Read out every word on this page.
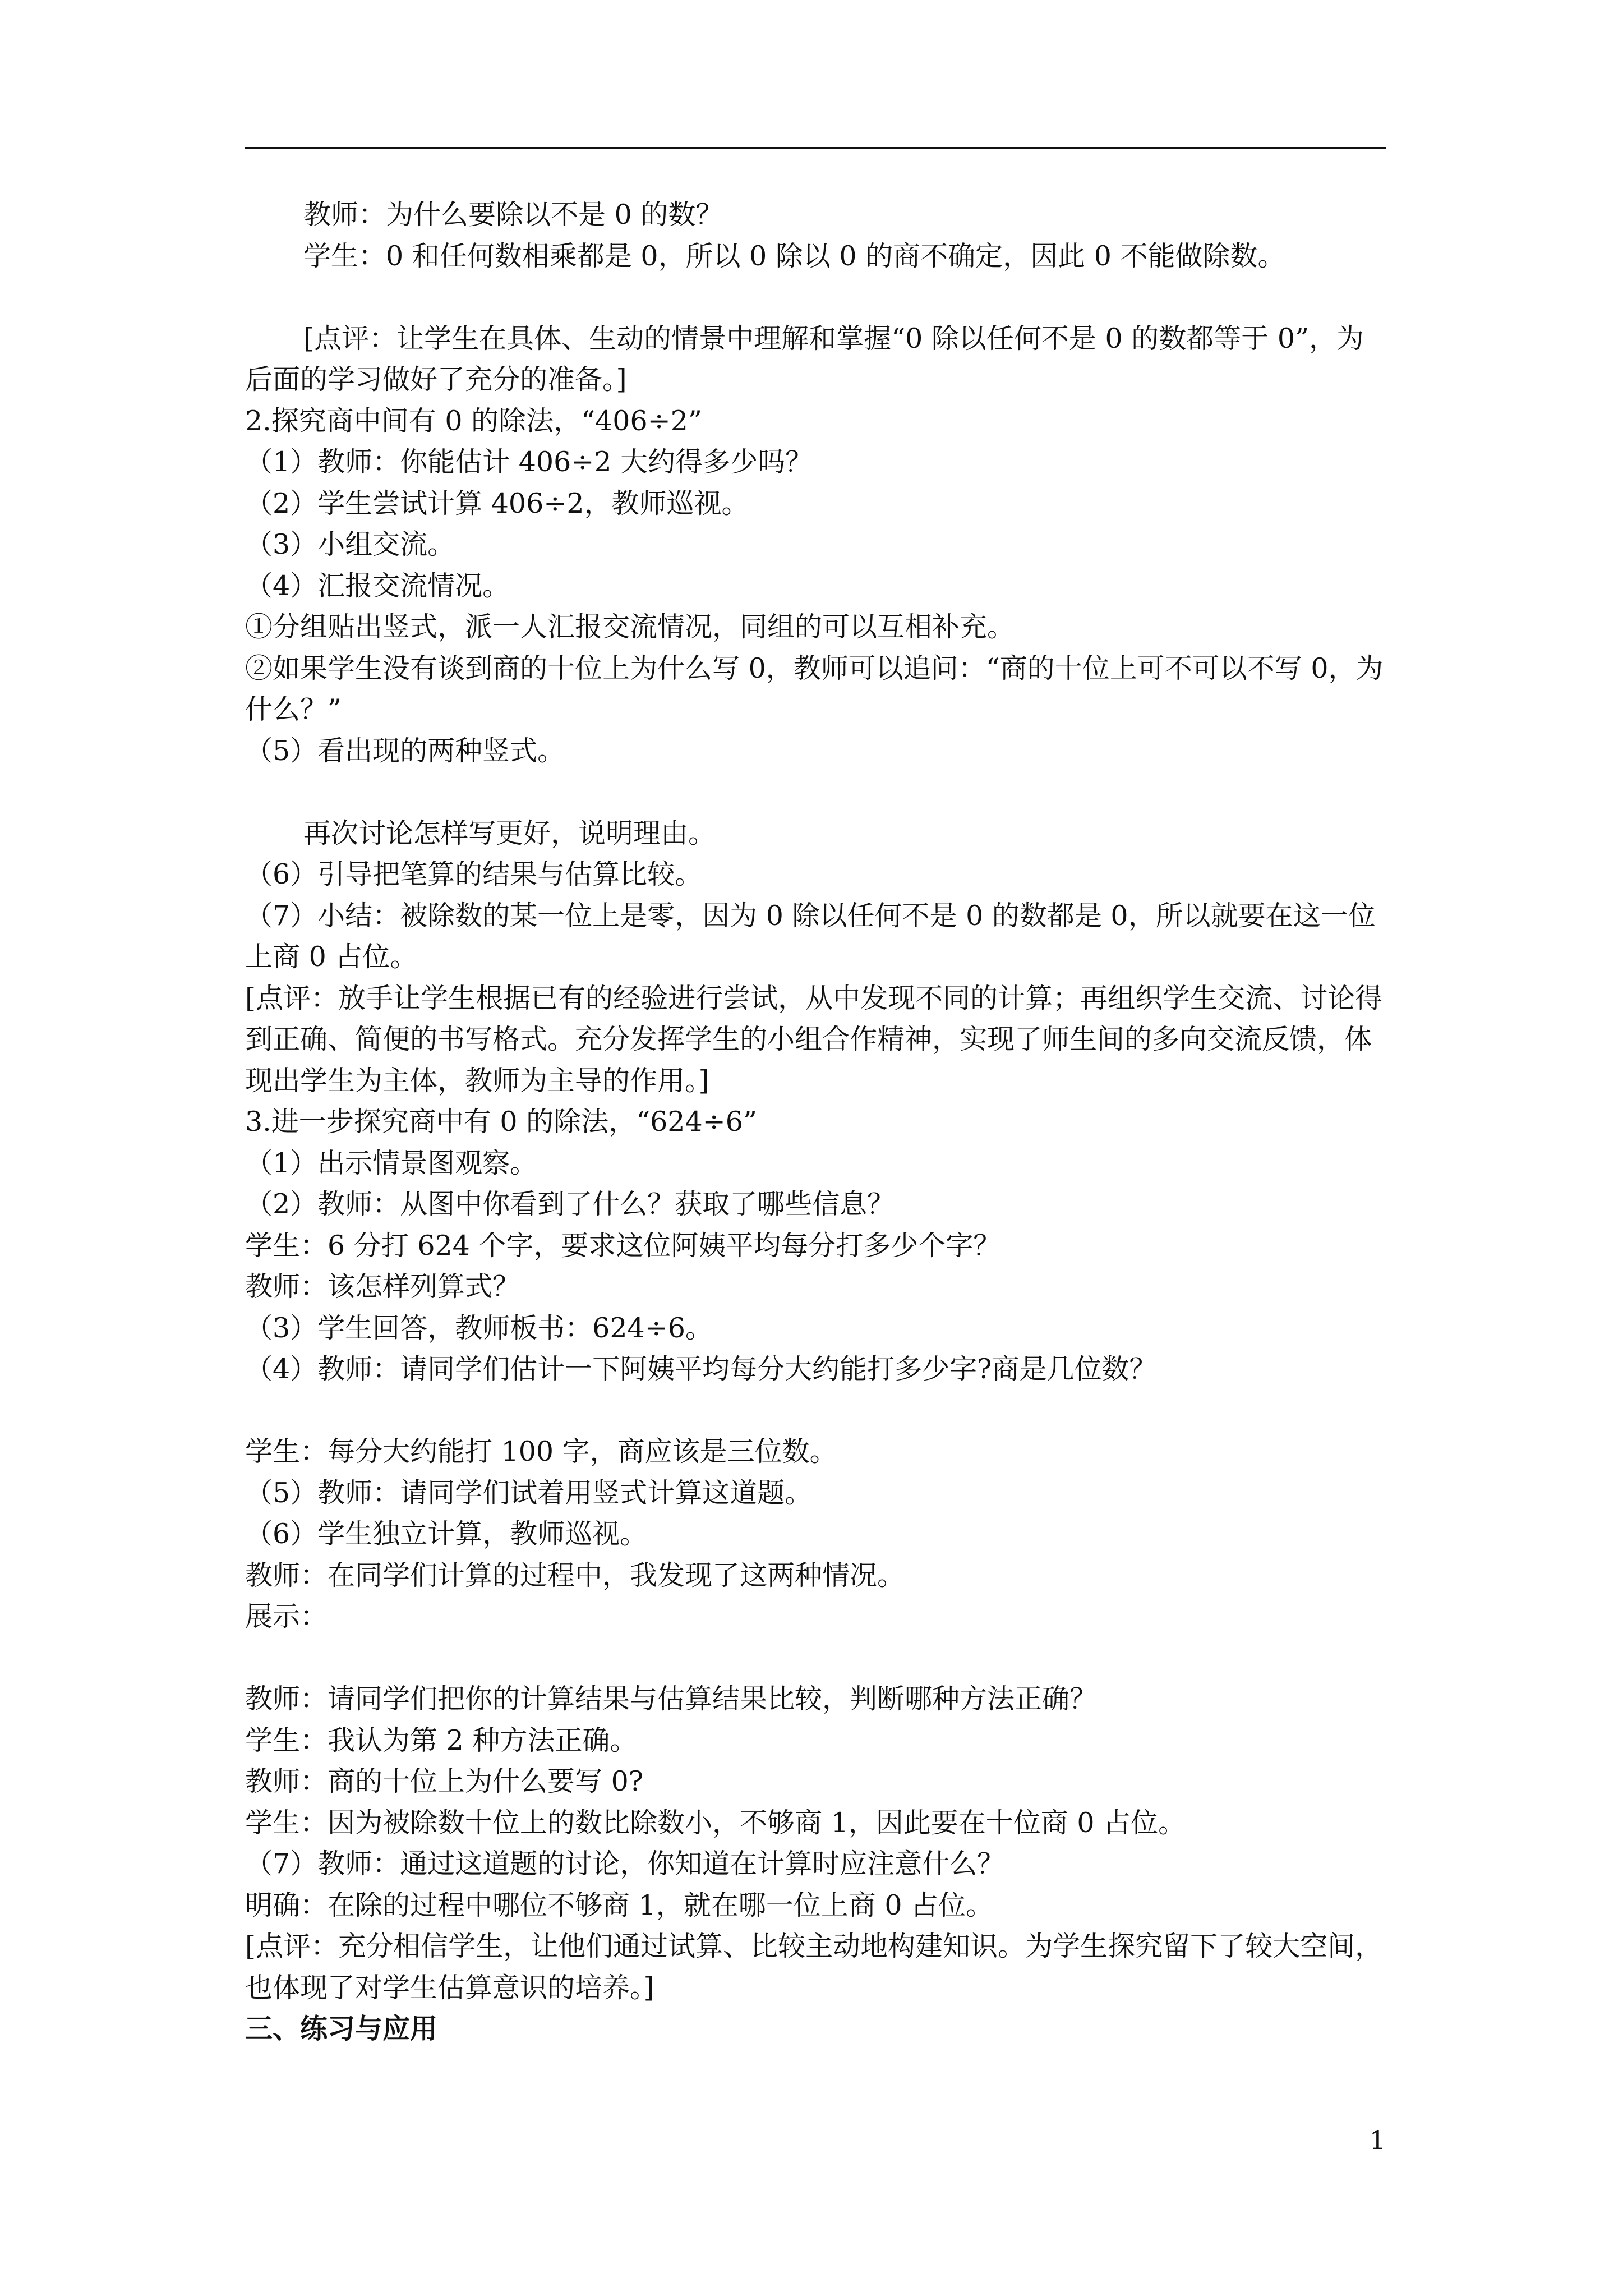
教师：为什么要除以不是 0 的数？

学生：0 和任何数相乘都是 0，所以 0 除以 0 的商不确定，因此 0 不能做除数。

[点评：让学生在具体、生动的情景中理解和掌握“0 除以任何不是 0 的数都等于 0”，为后面的学习做好了充分的准备。]

2.探究商中间有 0 的除法，“406÷2”

（1）教师：你能估计 406÷2 大约得多少吗？

（2）学生尝试计算 406÷2，教师巡视。

（3）小组交流。

（4）汇报交流情况。

①分组贴出竖式，派一人汇报交流情况，同组的可以互相补充。

②如果学生没有谈到商的十位上为什么写 0，教师可以追问：“商的十位上可不可以不写 0，为什么？”

（5）看出现的两种竖式。

再次讨论怎样写更好，说明理由。

（6）引导把笔算的结果与估算比较。

（7）小结：被除数的某一位上是零，因为 0 除以任何不是 0 的数都是 0，所以就要在这一位上商 0 占位。

[点评：放手让学生根据已有的经验进行尝试，从中发现不同的计算；再组织学生交流、讨论得到正确、简便的书写格式。充分发挥学生的小组合作精神，实现了师生间的多向交流反馈，体现出学生为主体，教师为主导的作用。]

3.进一步探究商中有 0 的除法，“624÷6”

（1）出示情景图观察。

（2）教师：从图中你看到了什么？获取了哪些信息？

学生：6 分打 624 个字，要求这位阿姨平均每分打多少个字？

教师：该怎样列算式？

（3）学生回答，教师板书：624÷6。

（4）教师：请同学们估计一下阿姨平均每分大约能打多少字?商是几位数？

学生：每分大约能打 100 字，商应该是三位数。

（5）教师：请同学们试着用竖式计算这道题。

（6）学生独立计算，教师巡视。

教师：在同学们计算的过程中，我发现了这两种情况。

展示：

教师：请同学们把你的计算结果与估算结果比较，判断哪种方法正确？

学生：我认为第 2 种方法正确。

教师：商的十位上为什么要写 0?

学生：因为被除数十位上的数比除数小，不够商 1，因此要在十位商 0 占位。

（7）教师：通过这道题的讨论，你知道在计算时应注意什么？

明确：在除的过程中哪位不够商 1，就在哪一位上商 0 占位。

[点评：充分相信学生，让他们通过试算、比较主动地构建知识。为学生探究留下了较大空间，也体现了对学生估算意识的培养。]

三、练习与应用

1
